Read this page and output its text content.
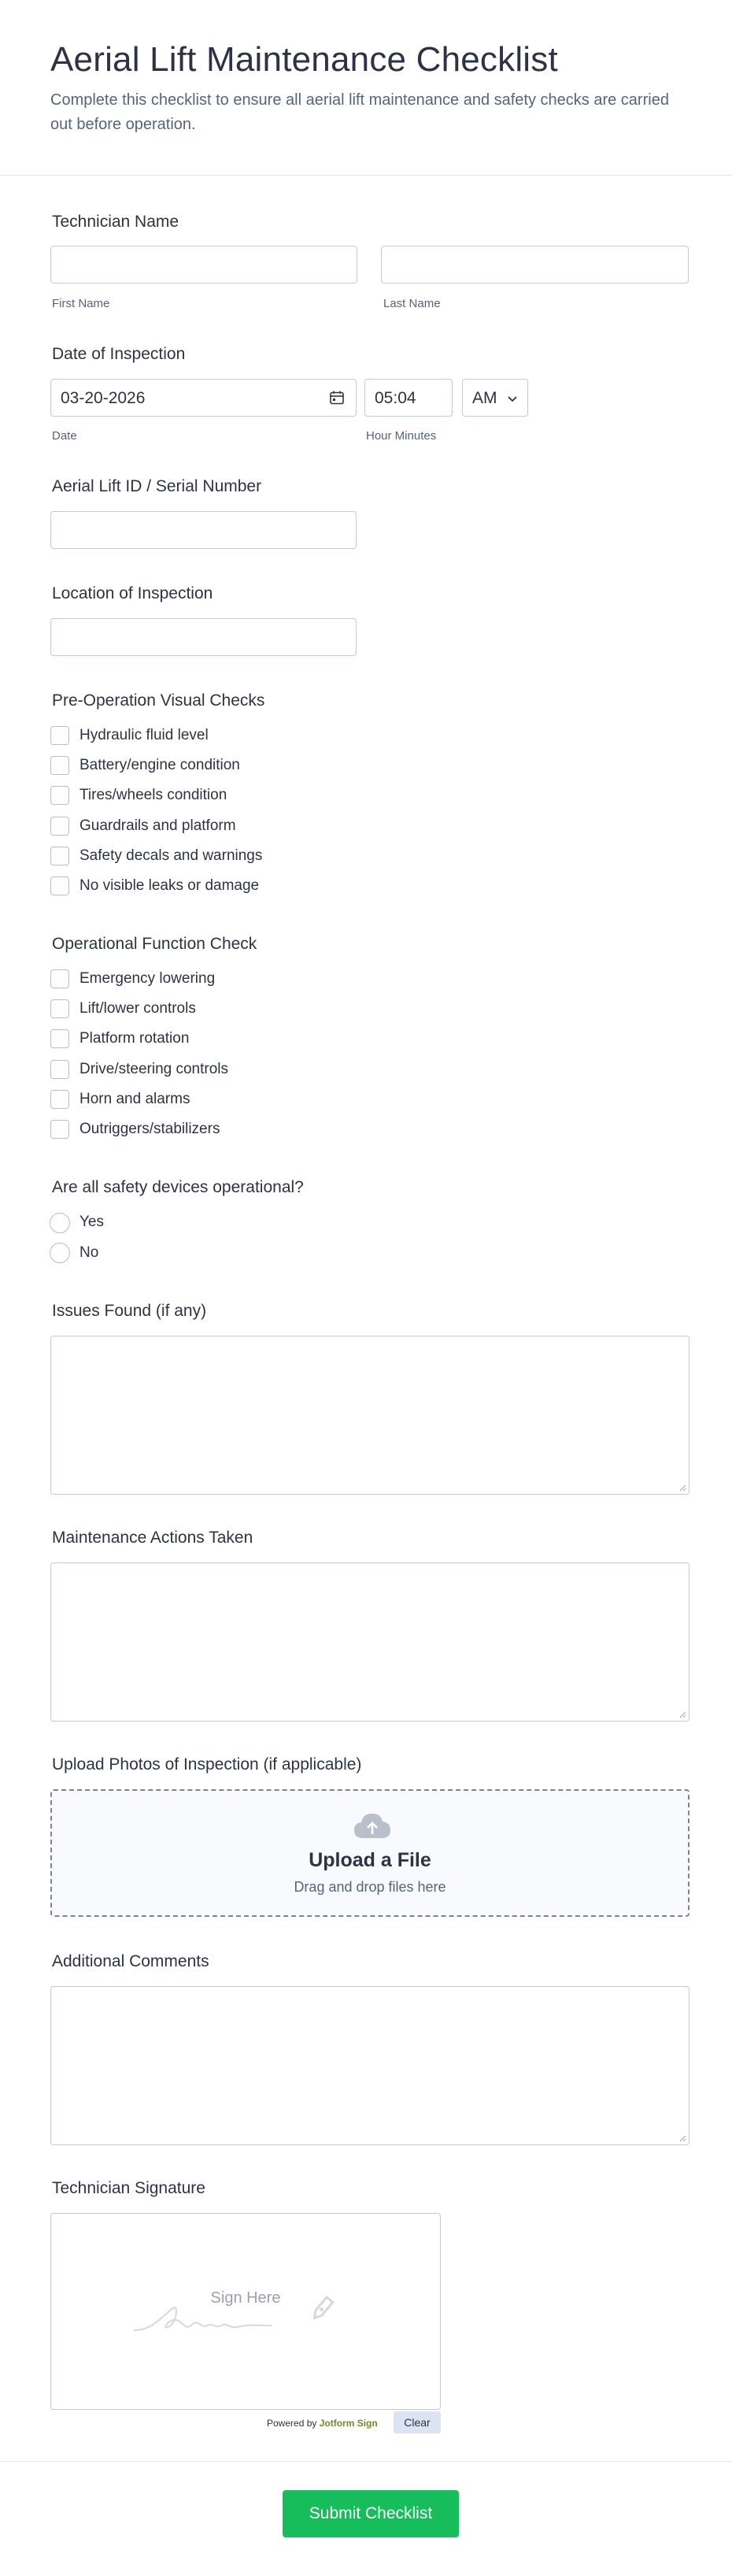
Aerial Lift Maintenance Checklist

Complete this checklist to ensure all aerial lift maintenance and safety checks are carried out before operation.

Technician Name
First Name	Last Name
Date of Inspection
03-20-2026
Date
05:04
Hour Minutes
AM
Aerial Lift ID / Serial Number
Location of Inspection
Pre-Operation Visual Checks
Hydraulic fluid level
Battery/engine condition
Tires/wheels condition
Guardrails and platform
Safety decals and warnings
No visible leaks or damage
Operational Function Check
Emergency lowering
Lift/lower controls
Platform rotation
Drive/steering controls
Horn and alarms
Outriggers/stabilizers
Are all safety devices operational?
Yes
No
Issues Found (if any)
Maintenance Actions Taken
Upload Photos of Inspection (if applicable)
Upload a File
Drag and drop files here
Additional Comments
Technician Signature
Sign Here
Powered by Jotform Sign	Clear
Submit Checklist
